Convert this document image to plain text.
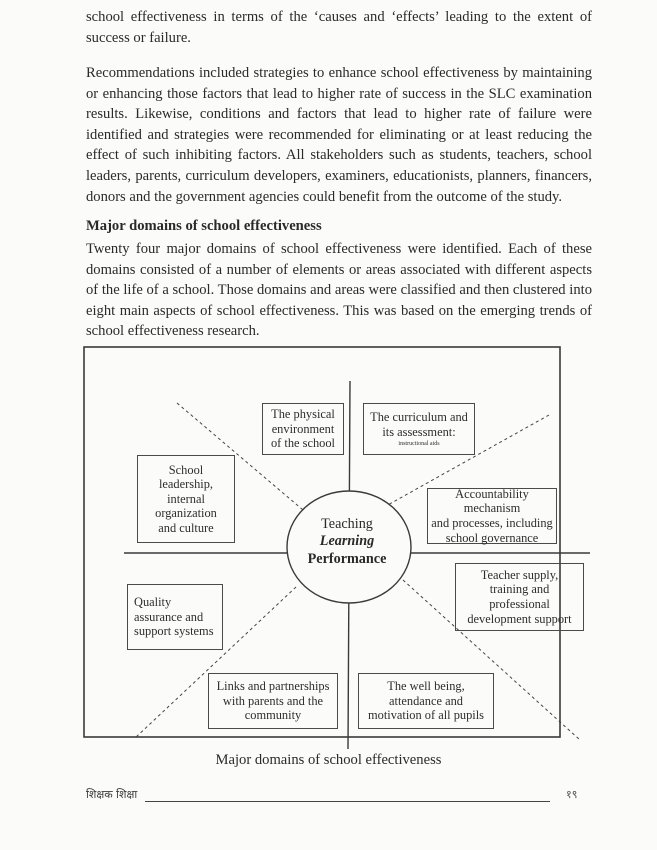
school effectiveness in terms of the ‘causes and ‘effects’ leading to the extent of success or failure.

Recommendations included strategies to enhance school effectiveness by maintaining or enhancing those factors that lead to higher rate of success in the SLC examination results. Likewise, conditions and factors that lead to higher rate of failure were identified and strategies were recommended for eliminating or at least reducing the effect of such inhibiting factors. All stakeholders such as students, teachers, school leaders, parents, curriculum developers, examiners, educationists, planners, financers, donors and the government agencies could benefit from the outcome of the study.

Major domains of school effectiveness

Twenty four major domains of school effectiveness were identified. Each of these domains consisted of a number of elements or areas associated with different aspects of the life of a school. Those domains and areas were classified and then clustered into eight main aspects of school effectiveness. This was based on the emerging trends of school effectiveness research.

Teaching
Learning
Performance
The physical
environment
of the school
The curriculum and
its assessment:
instructional aids
School
leadership,
internal
organization
and culture
Accountability mechanism
and processes, including
school governance
Quality
assurance and
support systems
Teacher supply,
training and
professional
development support
Links and partnerships
with parents and the
community
The well being,
attendance and
motivation of all pupils
Major domains of school effectiveness
शिक्षक शिक्षा	१९
